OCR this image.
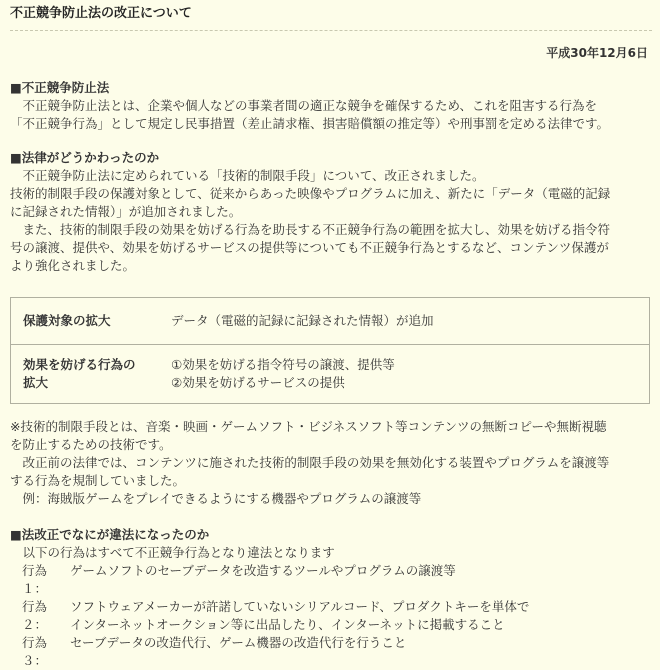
不正競争防止法の改正について
平成30年12月6日
■不正競争防止法

　不正競争防止法とは、企業や個人などの事業者間の適正な競争を確保するため、これを阻害する行為を

「不正競争行為」として規定し民事措置（差止請求権、損害賠償額の推定等）や刑事罰を定める法律です。

■法律がどうかわったのか

　不正競争防止法に定められている「技術的制限手段」について、改正されました。

技術的制限手段の保護対象として、従来からあった映像やプログラムに加え、新たに「データ（電磁的記録

に記録された情報）」が追加されました。

　また、技術的制限手段の効果を妨げる行為を助長する不正競争行為の範囲を拡大し、効果を妨げる指令符

号の譲渡、提供や、効果を妨げるサービスの提供等についても不正競争行為とするなど、コンテンツ保護が

より強化されました。

保護対象の拡大	データ（電磁的記録に記録された情報）が追加
効果を妨げる行為の
拡大
①効果を妨げる指令符号の譲渡、提供等
②効果を妨げるサービスの提供

※技術的制限手段とは、音楽・映画・ゲームソフト・ビジネスソフト等コンテンツの無断コピーや無断視聴

を防止するための技術です。

　改正前の法律では、コンテンツに施された技術的制限手段の効果を無効化する装置やプログラムを譲渡等

する行為を規制していました。

　例：海賊版ゲームをプレイできるようにする機器やプログラムの譲渡等

■法改正でなにが違法になったのか

　以下の行為はすべて不正競争行為となり違法となります

行為１：
ゲームソフトのセーブデータを改造するツールやプログラムの譲渡等
行為２：
ソフトウェアメーカーが許諾していないシリアルコード、プロダクトキーを単体で
インターネットオークション等に出品したり、インターネットに掲載すること
行為３：
セーブデータの改造代行、ゲーム機器の改造代行を行うこと
